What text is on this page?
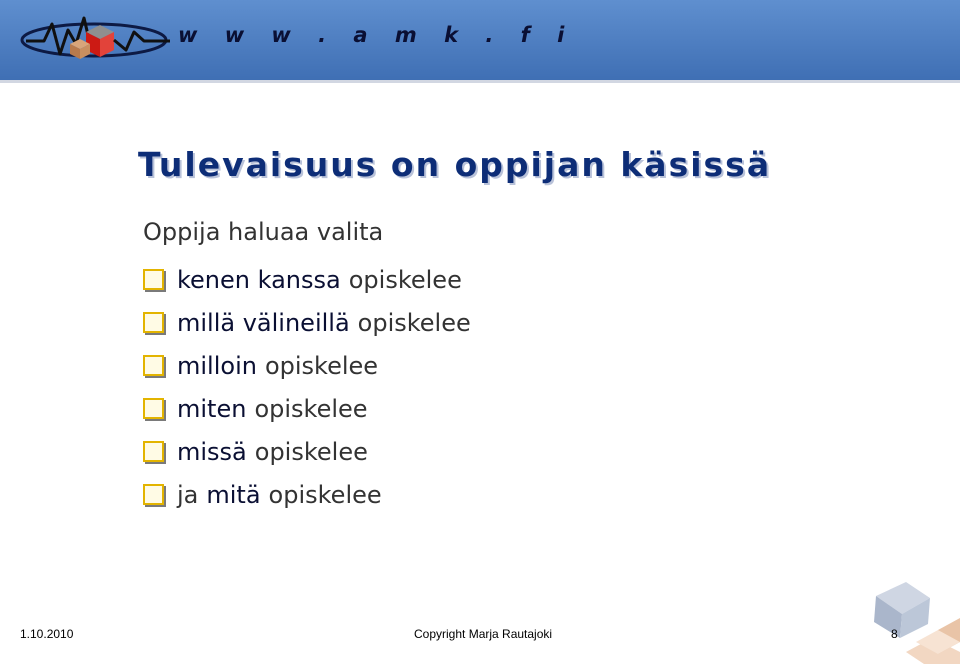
w w w . a m k . f i
Tulevaisuus on oppijan käsissä
Oppija haluaa valita
kenen kanssa opiskelee
millä välineillä opiskelee
milloin opiskelee
miten opiskelee
missä opiskelee
ja mitä opiskelee
1.10.2010	Copyright Marja Rautajoki	8
